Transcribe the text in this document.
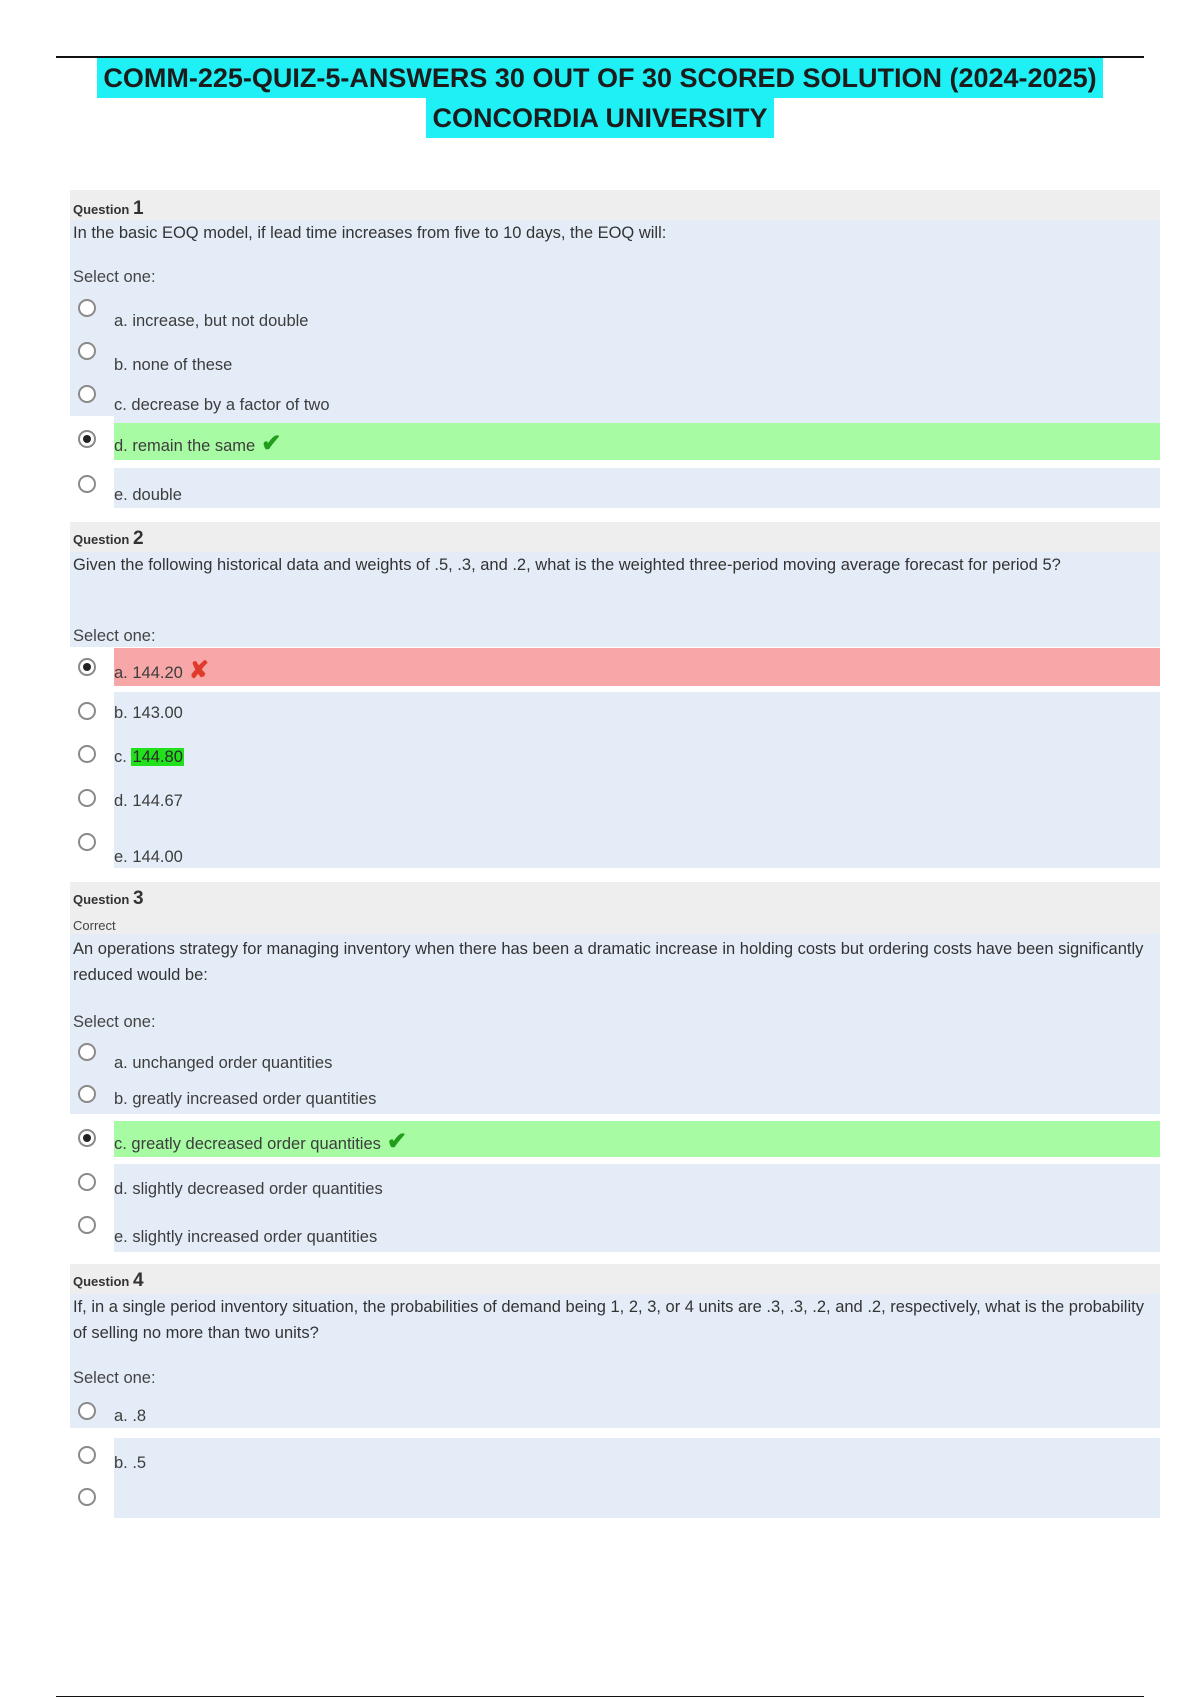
COMM-225-QUIZ-5-ANSWERS 30 OUT OF 30 SCORED SOLUTION (2024-2025)
CONCORDIA UNIVERSITY
Question 1
In the basic EOQ model, if lead time increases from five to 10 days, the EOQ will:
Select one:
a. increase, but not double
b. none of these
c. decrease by a factor of two
d. remain the same ✔
e. double
Question 2
Given the following historical data and weights of .5, .3, and .2, what is the weighted three-period moving average forecast for period 5?
Select one:
a. 144.20 ✘
b. 143.00
c. 144.80
d. 144.67
e. 144.00
Question 3
Correct
An operations strategy for managing inventory when there has been a dramatic increase in holding costs but ordering costs have been significantly reduced would be:
Select one:
a. unchanged order quantities
b. greatly increased order quantities
c. greatly decreased order quantities ✔
d. slightly decreased order quantities
e. slightly increased order quantities
Question 4
If, in a single period inventory situation, the probabilities of demand being 1, 2, 3, or 4 units are .3, .3, .2, and .2, respectively, what is the probability of selling no more than two units?
Select one:
a. .8
b. .5
